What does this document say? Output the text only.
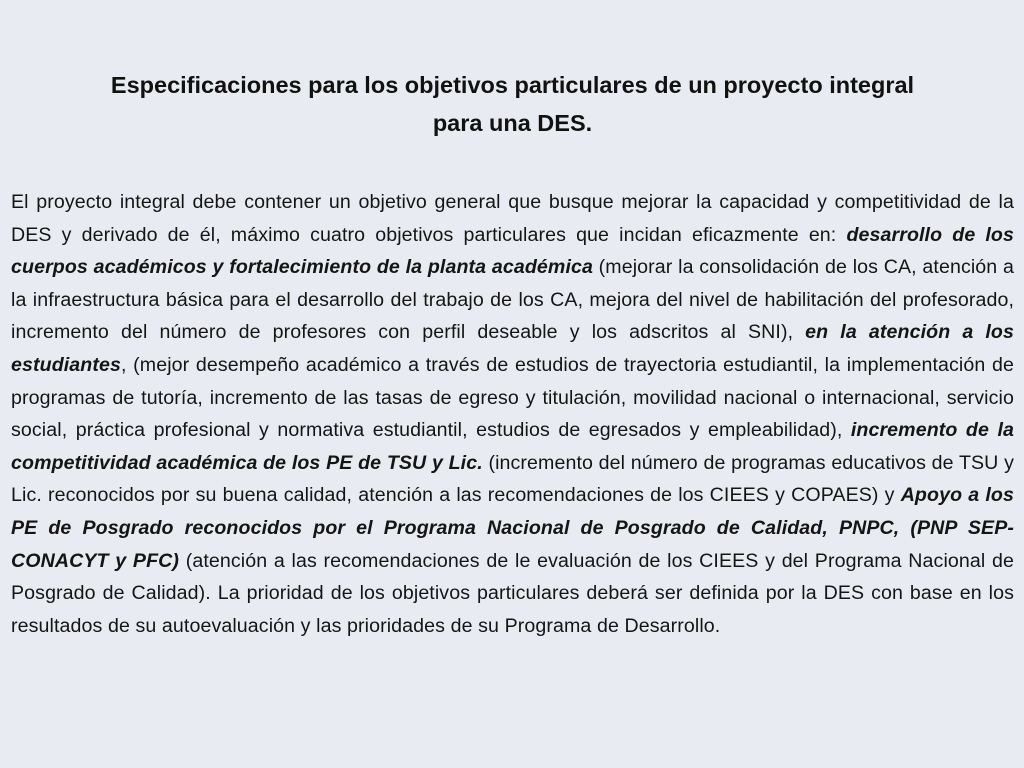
Especificaciones para los objetivos particulares de un proyecto integral
para una DES.

El proyecto integral debe contener un objetivo general que busque mejorar la capacidad y competitividad de la DES y derivado de él, máximo cuatro objetivos particulares que incidan eficazmente en: desarrollo de los cuerpos académicos y fortalecimiento de la planta académica (mejorar la consolidación de los CA, atención a la infraestructura básica para el desarrollo del trabajo de los CA, mejora del nivel de habilitación del profesorado, incremento del número de profesores con perfil deseable y los adscritos al SNI), en la atención a los estudiantes, (mejor desempeño académico a través de estudios de trayectoria estudiantil, la implementación de programas de tutoría, incremento de las tasas de egreso y titulación, movilidad nacional o internacional, servicio social, práctica profesional y normativa estudiantil, estudios de egresados y empleabilidad), incremento de la competitividad académica de los PE de TSU y Lic. (incremento del número de programas educativos de TSU y Lic. reconocidos por su buena calidad, atención a las recomendaciones de los CIEES y COPAES) y Apoyo a los PE de Posgrado reconocidos por el Programa Nacional de Posgrado de Calidad, PNPC, (PNP SEP-CONACYT y PFC) (atención a las recomendaciones de le evaluación de los CIEES y del Programa Nacional de Posgrado de Calidad). La prioridad de los objetivos particulares deberá ser definida por la DES con base en los resultados de su autoevaluación y las prioridades de su Programa de Desarrollo.
